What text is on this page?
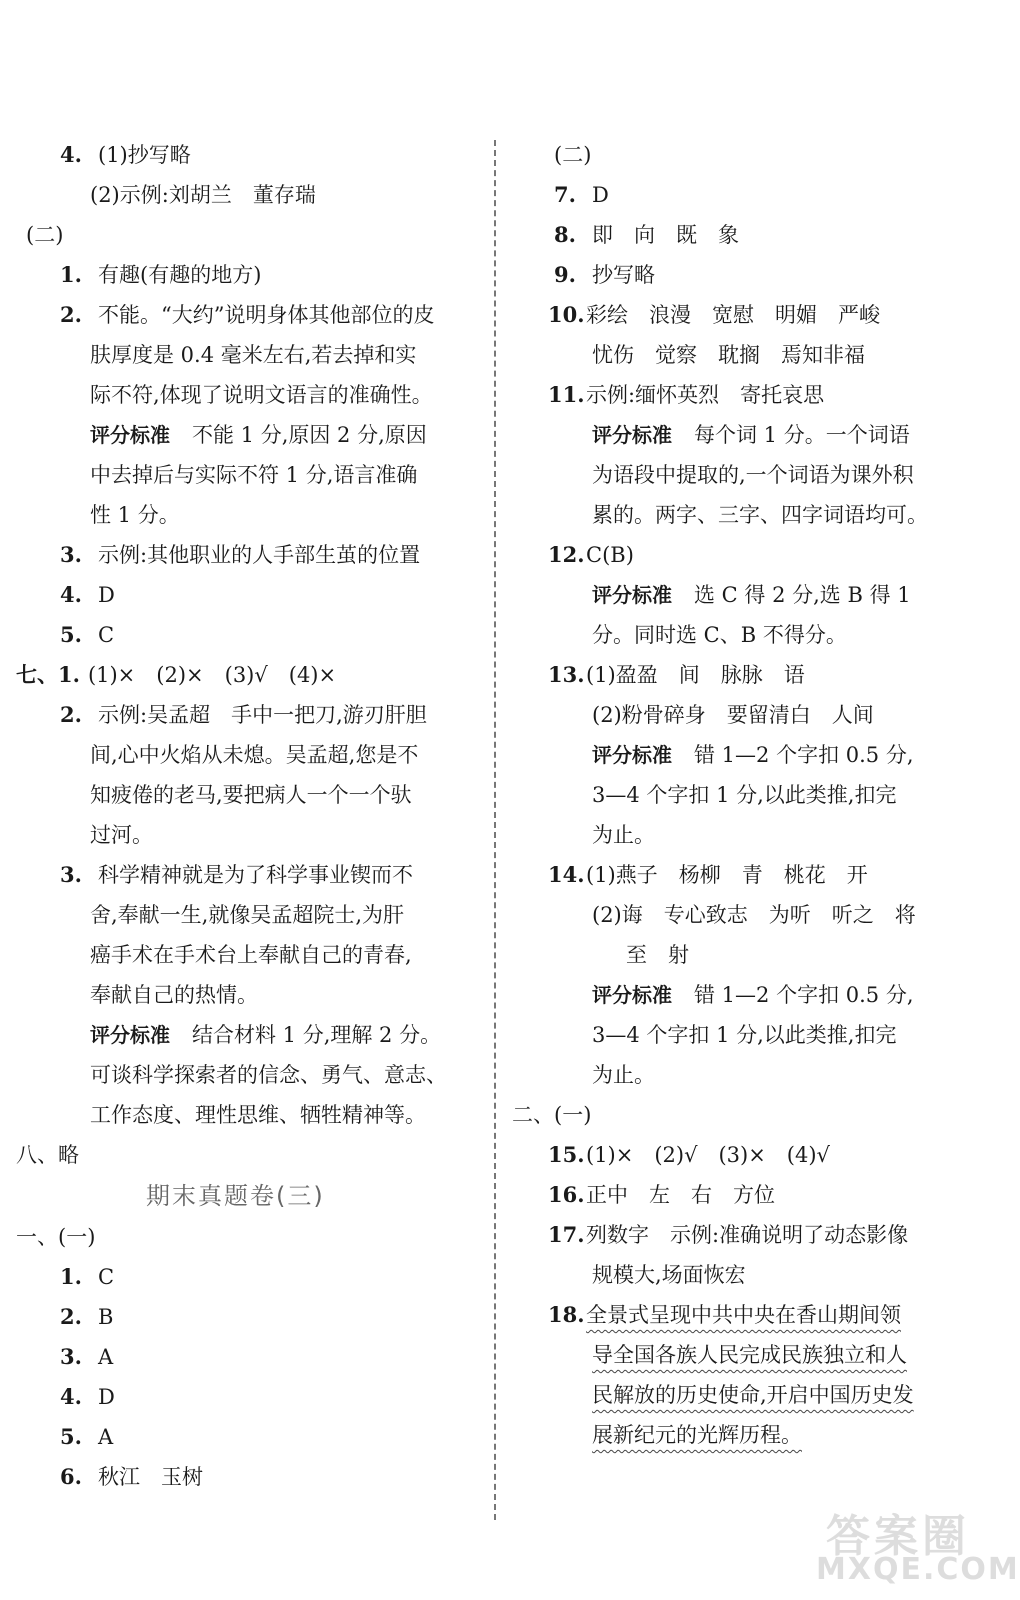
4. (1)抄写略
(2)示例:刘胡兰　董存瑞
(二)
1. 有趣(有趣的地方)
2. 不能。“大约”说明身体其他部位的皮
肤厚度是 0.4 毫米左右,若去掉和实
际不符,体现了说明文语言的准确性。
评分标准 不能 1 分,原因 2 分,原因
中去掉后与实际不符 1 分,语言准确
性 1 分。
3. 示例:其他职业的人手部生茧的位置
4. D
5. C
七、1. (1)×　(2)×　(3)√　(4)×
2. 示例:吴孟超　手中一把刀,游刃肝胆
间,心中火焰从未熄。吴孟超,您是不
知疲倦的老马,要把病人一个一个驮
过河。
3. 科学精神就是为了科学事业锲而不
舍,奉献一生,就像吴孟超院士,为肝
癌手术在手术台上奉献自己的青春,
奉献自己的热情。
评分标准 结合材料 1 分,理解 2 分。
可谈科学探索者的信念、勇气、意志、
工作态度、理性思维、牺牲精神等。
八、略
一、(一)
1. C
2. B
3. A
4. D
5. A
6. 秋江　玉树
期末真题卷(三)
(二)
7. D
8. 即　向　既　象
9. 抄写略
10.彩绘　浪漫　宽慰　明媚　严峻
忧伤　觉察　耽搁　焉知非福
11.示例:缅怀英烈　寄托哀思
评分标准 每个词 1 分。一个词语
为语段中提取的,一个词语为课外积
累的。两字、三字、四字词语均可。
12.C(B)
评分标准 选 C 得 2 分,选 B 得 1
分。同时选 C、B 不得分。
13.(1)盈盈　间　脉脉　语
(2)粉骨碎身　要留清白　人间
评分标准 错 1—2 个字扣 0.5 分,
3—4 个字扣 1 分,以此类推,扣完
为止。
14.(1)燕子　杨柳　青　桃花　开
(2)诲　专心致志　为听　听之　将
至　射
评分标准 错 1—2 个字扣 0.5 分,
3—4 个字扣 1 分,以此类推,扣完
为止。
二、(一)
15.(1)×　(2)√　(3)×　(4)√
16.正中　左　右　方位
17.列数字　示例:准确说明了动态影像
规模大,场面恢宏
18.全景式呈现中共中央在香山期间领
导全国各族人民完成民族独立和人
民解放的历史使命,开启中国历史发
展新纪元的光辉历程。
答案圈
MXQE.COM
